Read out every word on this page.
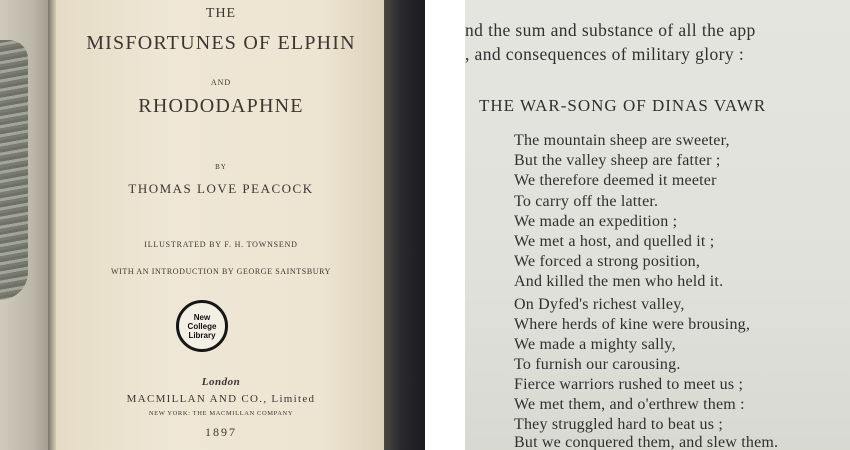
THE
MISFORTUNES OF ELPHIN
AND
RHODODAPHNE
BY
THOMAS LOVE PEACOCK
ILLUSTRATED BY F. H. TOWNSEND
WITH AN INTRODUCTION BY GEORGE SAINTSBURY
New
College
Library
London
MACMILLAN AND CO., Limited
NEW YORK: THE MACMILLAN COMPANY
1897
nd the sum and substance of all the app
, and consequences of military glory :
THE WAR-SONG OF DINAS VAWR
The mountain sheep are sweeter,
But the valley sheep are fatter ;
We therefore deemed it meeter
To carry off the latter.
We made an expedition ;
We met a host, and quelled it ;
We forced a strong position,
And killed the men who held it.
On Dyfed's richest valley,
Where herds of kine were brousing,
We made a mighty sally,
To furnish our carousing.
Fierce warriors rushed to meet us ;
We met them, and o'erthrew them :
They struggled hard to beat us ;
But we conquered them, and slew them.
